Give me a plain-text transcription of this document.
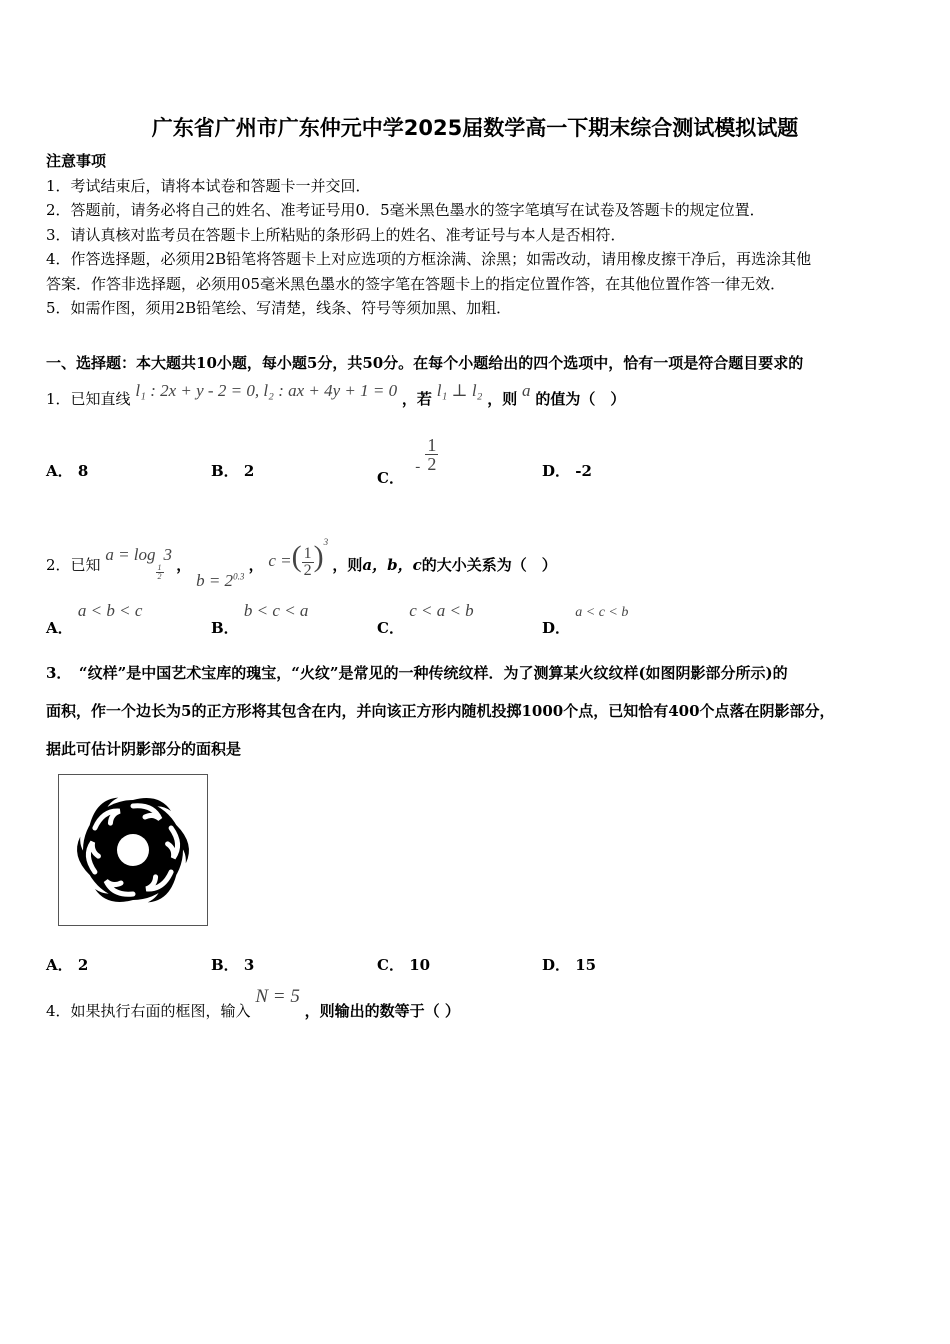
广东省广州市广东仲元中学2025届数学高一下期末综合测试模拟试题
注意事项
1．考试结束后，请将本试卷和答题卡一并交回．
2．答题前，请务必将自己的姓名、准考证号用0．5毫米黑色墨水的签字笔填写在试卷及答题卡的规定位置．
3．请认真核对监考员在答题卡上所粘贴的条形码上的姓名、准考证号与本人是否相符．
4．作答选择题，必须用2B铅笔将答题卡上对应选项的方框涂满、涂黑；如需改动，请用橡皮擦干净后，再选涂其他
答案．作答非选择题，必须用05毫米黑色墨水的签字笔在答题卡上的指定位置作答，在其他位置作答一律无效．
5．如需作图，须用2B铅笔绘、写清楚，线条、符号等须加黑、加粗．
一、选择题：本大题共10小题，每小题5分，共50分。在每个小题给出的四个选项中，恰有一项是符合题目要求的
1．已知直线 l₁ : 2x + y - 2 = 0, l₂ : ax + 4y + 1 = 0 ，若 l₁ ⊥ l₂ ，则 a 的值为（　）
A． 8	B． 2	C． - $\frac{1}{2}$	D． -2
2．已知 a = log
$\frac{1}{2}$
3 ， $b = 2^{0.3}$ ， c =( $\frac{1}{2} )^3$ ，则a，b，c的大小关系为（　）
A． a < b < c
B． b < c < a
C． c < a < b
D． a < c < b
3．　“纹样”是中国艺术宝库的瑰宝，“火纹”是常见的一种传统纹样．为了测算某火纹纹样(如图阴影部分所示)的
面积，作一个边长为5的正方形将其包含在内，并向该正方形内随机投掷1000个点，已知恰有400个点落在阴影部分，
据此可估计阴影部分的面积是
A． 2	B． 3	C． 10	D． 15
4．如果执行右面的框图，输入 N = 5 ，则输出的数等于（ ）
